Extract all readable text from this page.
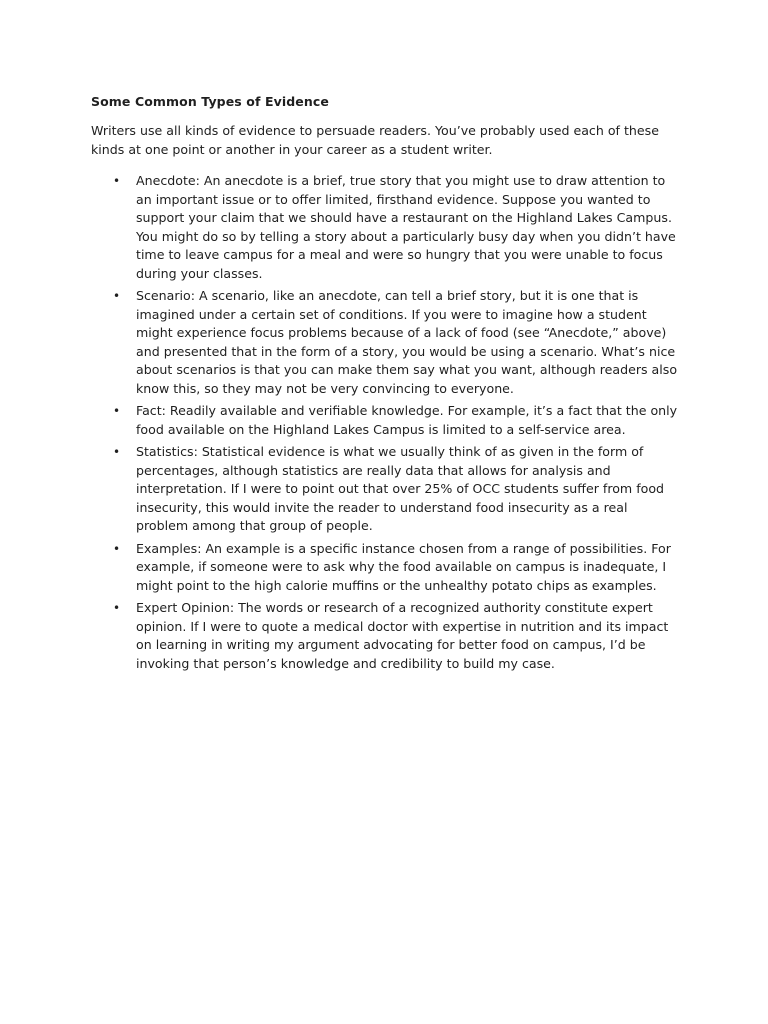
Some Common Types of Evidence

Writers use all kinds of evidence to persuade readers. You’ve probably used each of these kinds at one point or another in your career as a student writer.

• Anecdote: An anecdote is a brief, true story that you might use to draw attention to an important issue or to offer limited, firsthand evidence. Suppose you wanted to support your claim that we should have a restaurant on the Highland Lakes Campus. You might do so by telling a story about a particularly busy day when you didn’t have time to leave campus for a meal and were so hungry that you were unable to focus during your classes.
• Scenario: A scenario, like an anecdote, can tell a brief story, but it is one that is imagined under a certain set of conditions. If you were to imagine how a student might experience focus problems because of a lack of food (see “Anecdote,” above) and presented that in the form of a story, you would be using a scenario. What’s nice about scenarios is that you can make them say what you want, although readers also know this, so they may not be very convincing to everyone.
• Fact: Readily available and verifiable knowledge. For example, it’s a fact that the only food available on the Highland Lakes Campus is limited to a self-service area.
• Statistics: Statistical evidence is what we usually think of as given in the form of percentages, although statistics are really data that allows for analysis and interpretation. If I were to point out that over 25% of OCC students suffer from food insecurity, this would invite the reader to understand food insecurity as a real problem among that group of people.
• Examples: An example is a specific instance chosen from a range of possibilities. For example, if someone were to ask why the food available on campus is inadequate, I might point to the high calorie muffins or the unhealthy potato chips as examples.
• Expert Opinion: The words or research of a recognized authority constitute expert opinion. If I were to quote a medical doctor with expertise in nutrition and its impact on learning in writing my argument advocating for better food on campus, I’d be invoking that person’s knowledge and credibility to build my case.
